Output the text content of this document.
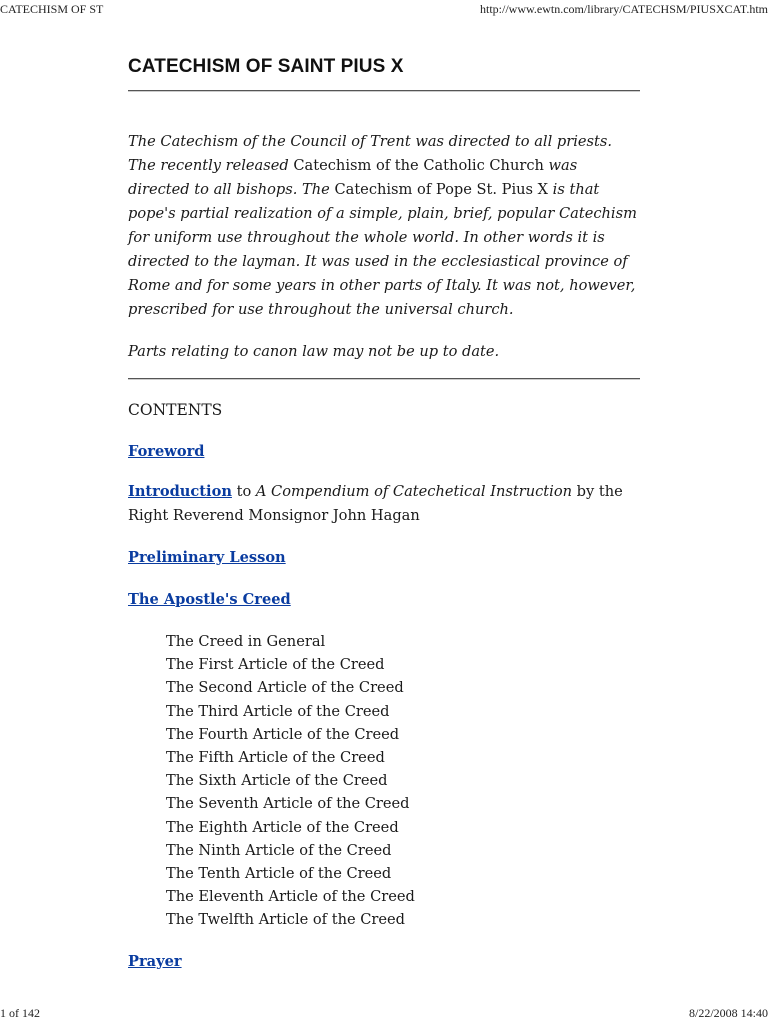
CATECHISM OF ST	http://www.ewtn.com/library/CATECHSM/PIUSXCAT.htm
CATECHISM OF SAINT PIUS X

The Catechism of the Council of Trent was directed to all priests. The recently released Catechism of the Catholic Church was directed to all bishops. The Catechism of Pope St. Pius X is that pope's partial realization of a simple, plain, brief, popular Catechism for uniform use throughout the whole world. In other words it is directed to the layman. It was used in the ecclesiastical province of Rome and for some years in other parts of Italy. It was not, however, prescribed for use throughout the universal church.

Parts relating to canon law may not be up to date.

CONTENTS
Foreword
Introduction to A Compendium of Catechetical Instruction by the Right Reverend Monsignor John Hagan
Preliminary Lesson
The Apostle's Creed
The Creed in General
The First Article of the Creed
The Second Article of the Creed
The Third Article of the Creed
The Fourth Article of the Creed
The Fifth Article of the Creed
The Sixth Article of the Creed
The Seventh Article of the Creed
The Eighth Article of the Creed
The Ninth Article of the Creed
The Tenth Article of the Creed
The Eleventh Article of the Creed
The Twelfth Article of the Creed
Prayer
1 of 142	8/22/2008 14:40
